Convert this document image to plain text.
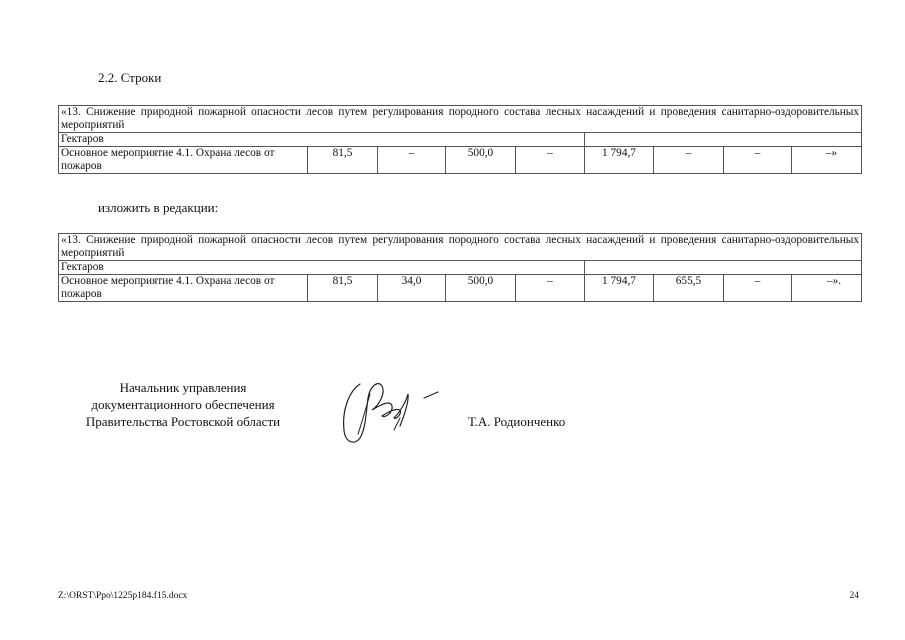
2.2. Строки
«13. Снижение природной пожарной опасности лесов путем регулирования породного состава лесных насаждений и проведения санитарно-оздоровительных мероприятий								
Гектаров								
Основное мероприятие 4.1. Охрана лесов от пожаров	81,5	–	500,0	–	1 794,7	–	–	–»
изложить в редакции:
«13. Снижение природной пожарной опасности лесов путем регулирования породного состава лесных насаждений и проведения санитарно-оздоровительных мероприятий								
Гектаров								
Основное мероприятие 4.1. Охрана лесов от пожаров	81,5	34,0	500,0	–	1 794,7	655,5	–	–».
Начальник управления
документационного обеспечения
Правительства Ростовской области	Т.А. Родионченко
Z:\ORST\Ppo\1225p184.f15.docx	24
